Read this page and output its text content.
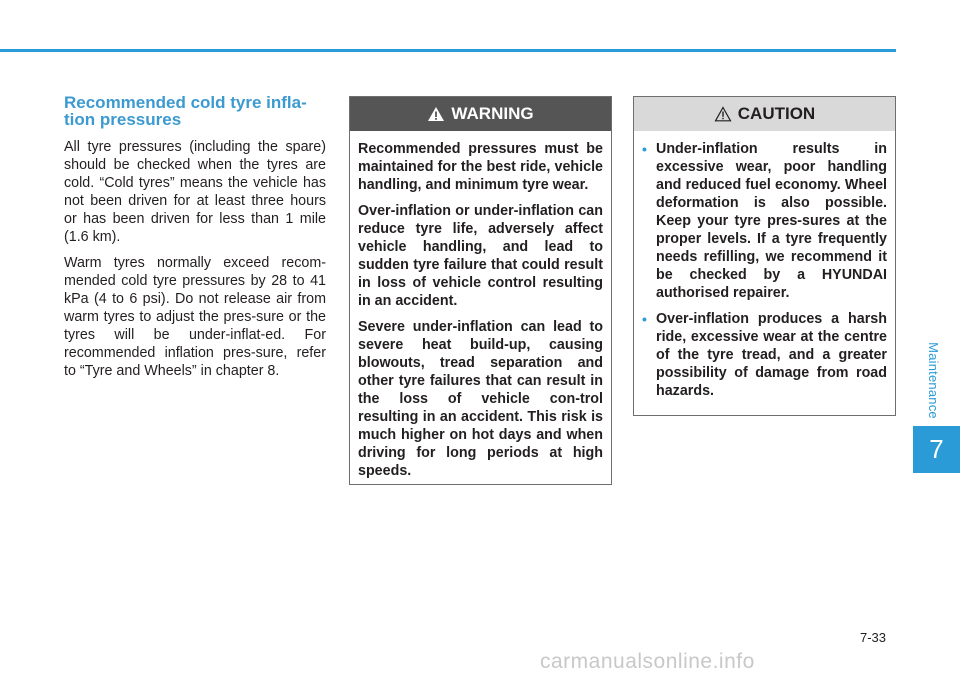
Maintenance
7
Recommended cold tyre infla-
tion pressures

All tyre pressures (including the spare) should be checked when the tyres are cold. “Cold tyres” means the vehicle has not been driven for at least three hours or has been driven for less than 1 mile (1.6 km).

Warm tyres normally exceed recom-mended cold tyre pressures by 28 to 41 kPa (4 to 6 psi). Do not release air from warm tyres to adjust the pres-sure or the tyres will be under-inflat-ed. For recommended inflation pres-sure, refer to “Tyre and Wheels” in chapter 8.

WARNING

Recommended pressures must be maintained for the best ride, vehicle handling, and minimum tyre wear.

Over-inflation or under-inflation can reduce tyre life, adversely affect vehicle handling, and lead to sudden tyre failure that could result in loss of vehicle control resulting in an accident.

Severe under-inflation can lead to severe heat build-up, causing blowouts, tread separation and other tyre failures that can result in the loss of vehicle con-trol resulting in an accident. This risk is much higher on hot days and when driving for long periods at high speeds.

CAUTION
• Under-inflation results in excessive wear, poor handling and reduced fuel economy. Wheel deformation is also possible. Keep your tyre pres-sures at the proper levels. If a tyre frequently needs refilling, we recommend it be checked by a HYUNDAI authorised repairer.
• Over-inflation produces a harsh ride, excessive wear at the centre of the tyre tread, and a greater possibility of damage from road hazards.
7-33
carmanualsonline.info
